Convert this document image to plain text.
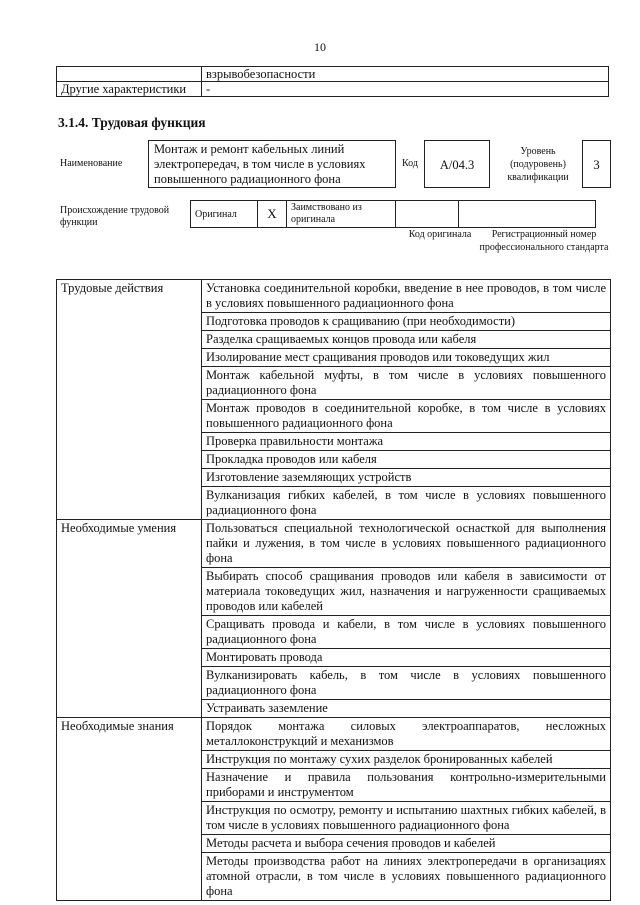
10
	взрывобезопасности
Другие характеристики	-
3.1.4. Трудовая функция
Наименование
Монтаж и ремонт кабельных линий электропередач, в том числе в условиях повышенного радиационного фона
Код	A/04.3
Уровень (подуровень) квалификации
3
Происхождение трудовой функции
Оригинал	X	Заимствовано из оригинала		
Код оригинала	Регистрационный номер профессионального стандарта
Трудовые действия	Установка соединительной коробки, введение в нее проводов, в том числе в условиях повышенного радиационного фона
	Подготовка проводов к сращиванию (при необходимости)
	Разделка сращиваемых концов провода или кабеля
	Изолирование мест сращивания проводов или токоведущих жил
	Монтаж кабельной муфты, в том числе в условиях повышенного радиационного фона
	Монтаж проводов в соединительной коробке, в том числе в условиях повышенного радиационного фона
	Проверка правильности монтажа
	Прокладка проводов или кабеля
	Изготовление заземляющих устройств
	Вулканизация гибких кабелей, в том числе в условиях повышенного радиационного фона
Необходимые умения	Пользоваться специальной технологической оснасткой для выполнения пайки и лужения, в том числе в условиях повышенного радиационного фона
	Выбирать способ сращивания проводов или кабеля в зависимости от материала токоведущих жил, назначения и нагруженности сращиваемых проводов или кабелей
	Сращивать провода и кабели, в том числе в условиях повышенного радиационного фона
	Монтировать провода
	Вулканизировать кабель, в том числе в условиях повышенного радиационного фона
	Устраивать заземление
Необходимые знания	Порядок монтажа силовых электроаппаратов, несложных металлоконструкций и механизмов
	Инструкция по монтажу сухих разделок бронированных кабелей
	Назначение и правила пользования контрольно-измерительными приборами и инструментом
	Инструкция по осмотру, ремонту и испытанию шахтных гибких кабелей, в том числе в условиях повышенного радиационного фона
	Методы расчета и выбора сечения проводов и кабелей
	Методы производства работ на линиях электропередачи в организациях атомной отрасли, в том числе в условиях повышенного радиационного фона
